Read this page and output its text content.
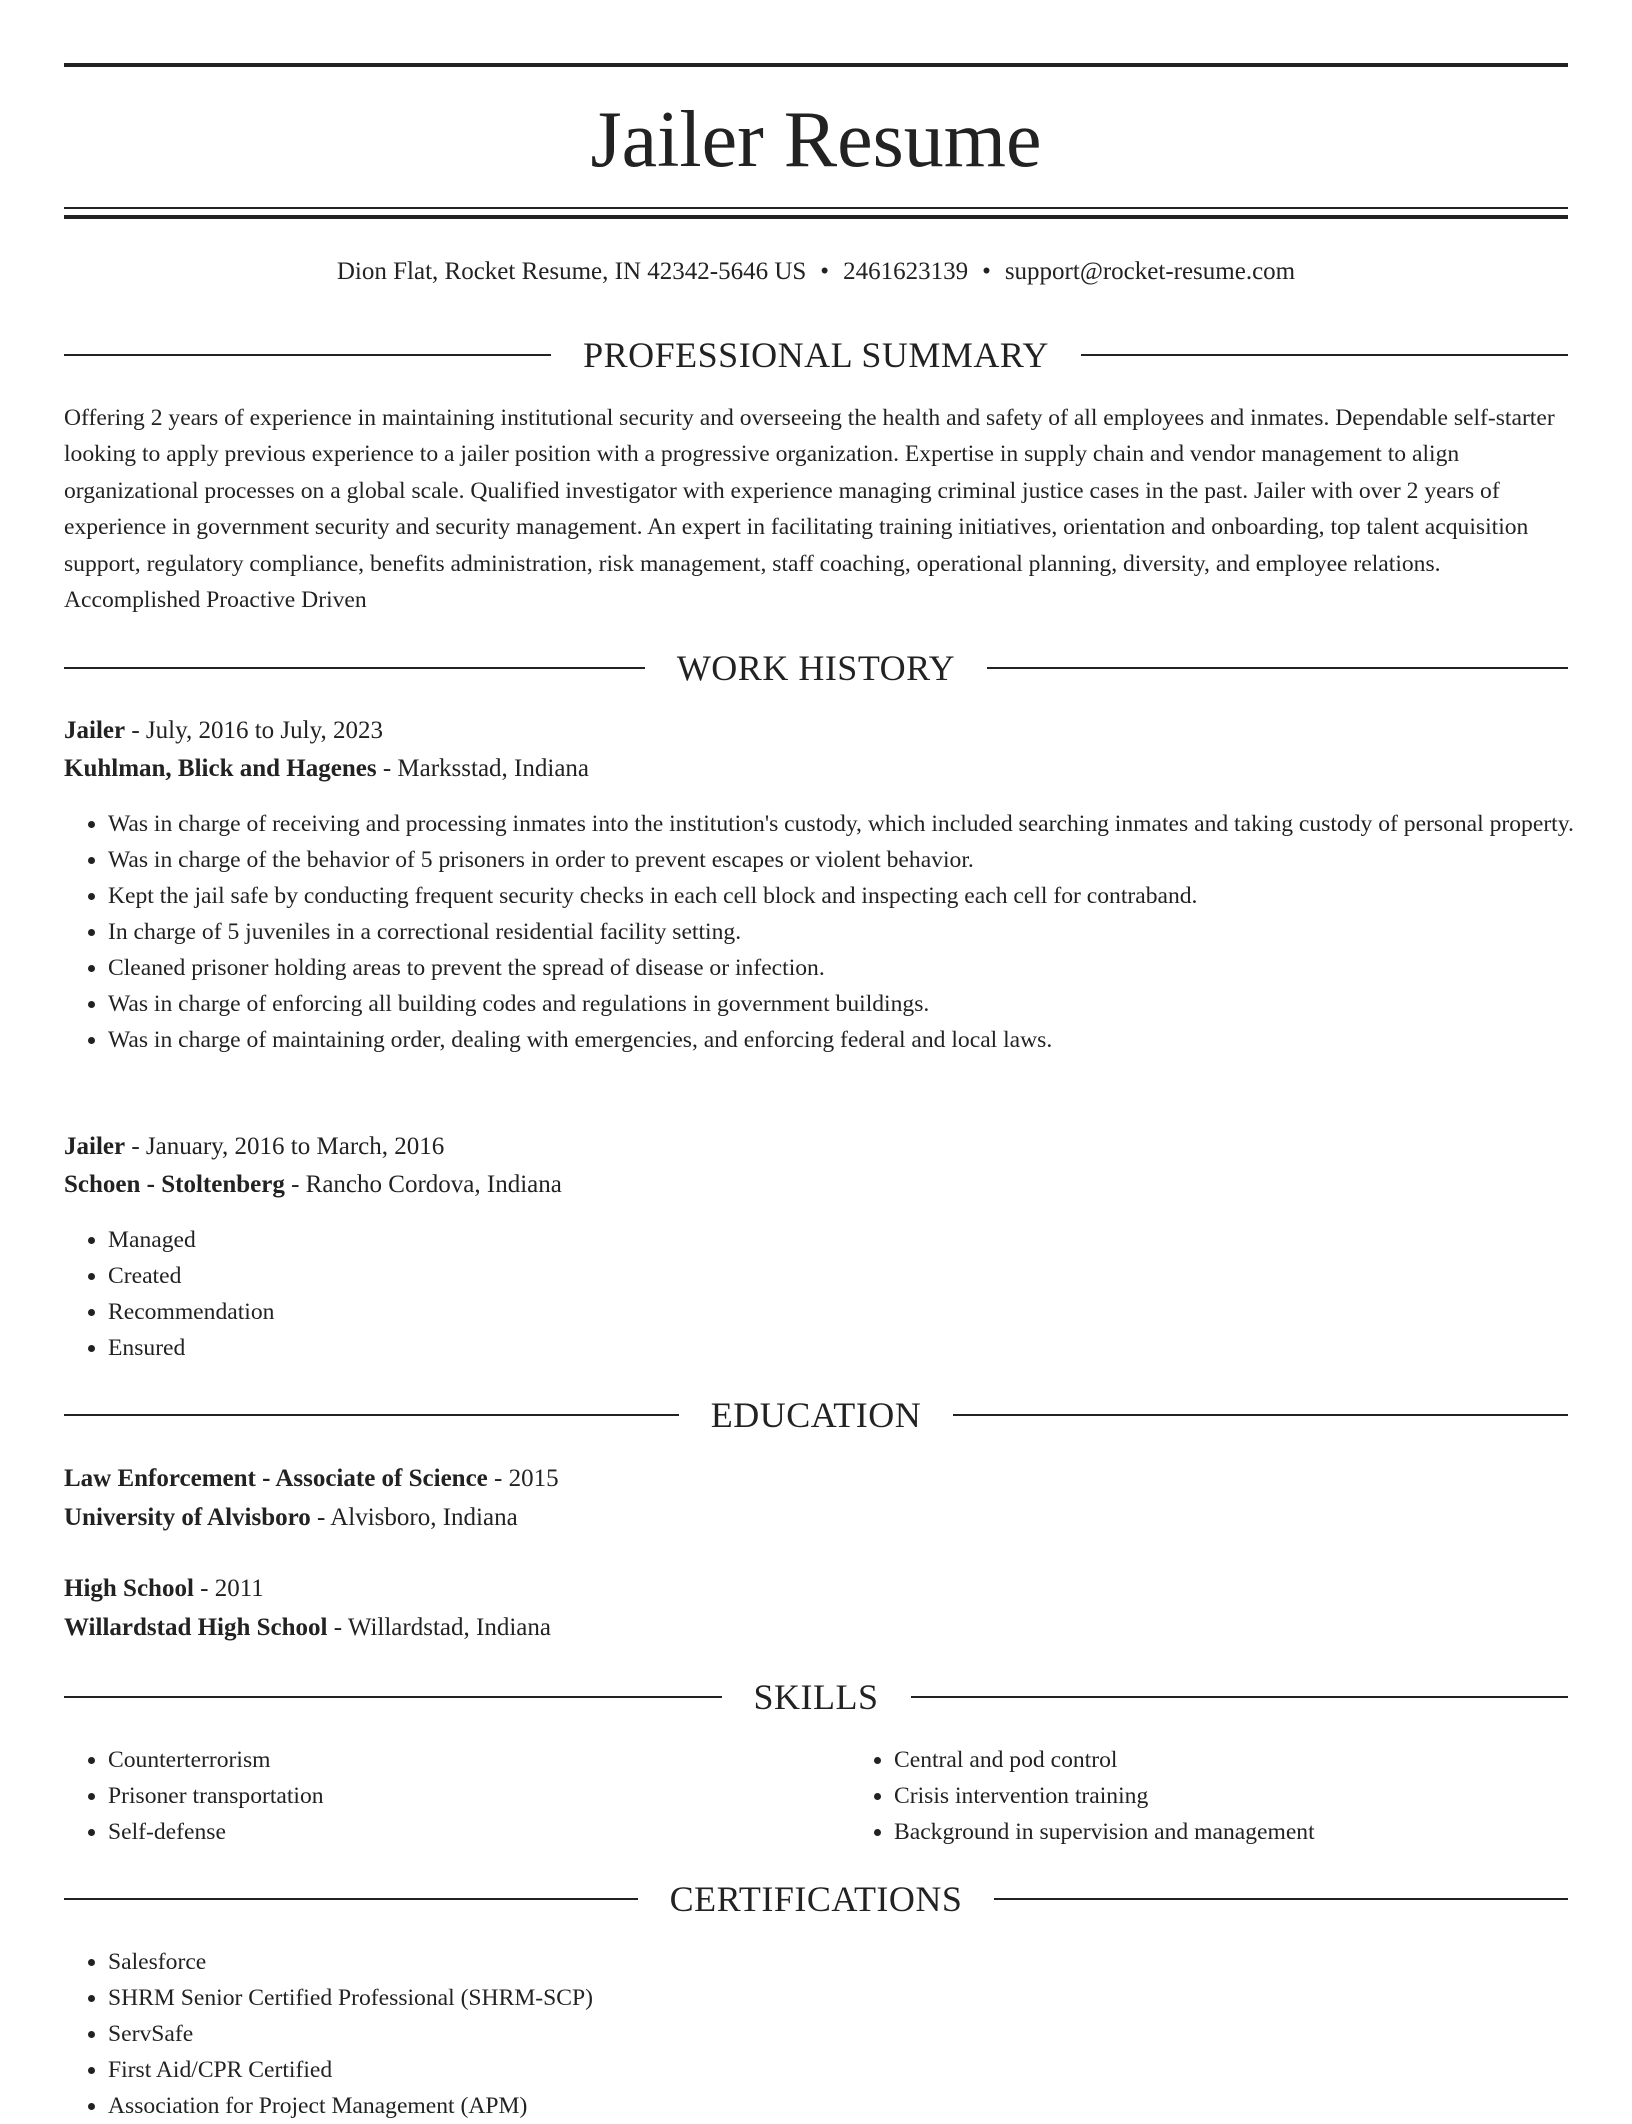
Jailer Resume
Dion Flat, Rocket Resume, IN 42342-5646 US • 2461623139 • support@rocket-resume.com
PROFESSIONAL SUMMARY

Offering 2 years of experience in maintaining institutional security and overseeing the health and safety of all employees and inmates. Dependable self-starter looking to apply previous experience to a jailer position with a progressive organization. Expertise in supply chain and vendor management to align organizational processes on a global scale. Qualified investigator with experience managing criminal justice cases in the past. Jailer with over 2 years of experience in government security and security management. An expert in facilitating training initiatives, orientation and onboarding, top talent acquisition support, regulatory compliance, benefits administration, risk management, staff coaching, operational planning, diversity, and employee relations. Accomplished Proactive Driven

WORK HISTORY
Jailer - July, 2016 to July, 2023
Kuhlman, Blick and Hagenes - Marksstad, Indiana
• Was in charge of receiving and processing inmates into the institution's custody, which included searching inmates and taking custody of personal property.
• Was in charge of the behavior of 5 prisoners in order to prevent escapes or violent behavior.
• Kept the jail safe by conducting frequent security checks in each cell block and inspecting each cell for contraband.
• In charge of 5 juveniles in a correctional residential facility setting.
• Cleaned prisoner holding areas to prevent the spread of disease or infection.
• Was in charge of enforcing all building codes and regulations in government buildings.
• Was in charge of maintaining order, dealing with emergencies, and enforcing federal and local laws.
Jailer - January, 2016 to March, 2016
Schoen - Stoltenberg - Rancho Cordova, Indiana
• Managed
• Created
• Recommendation
• Ensured
EDUCATION
Law Enforcement - Associate of Science - 2015
University of Alvisboro - Alvisboro, Indiana
High School - 2011
Willardstad High School - Willardstad, Indiana
SKILLS
• Counterterrorism
• Prisoner transportation
• Self-defense
• Central and pod control
• Crisis intervention training
• Background in supervision and management
CERTIFICATIONS
• Salesforce
• SHRM Senior Certified Professional (SHRM-SCP)
• ServSafe
• First Aid/CPR Certified
• Association for Project Management (APM)
